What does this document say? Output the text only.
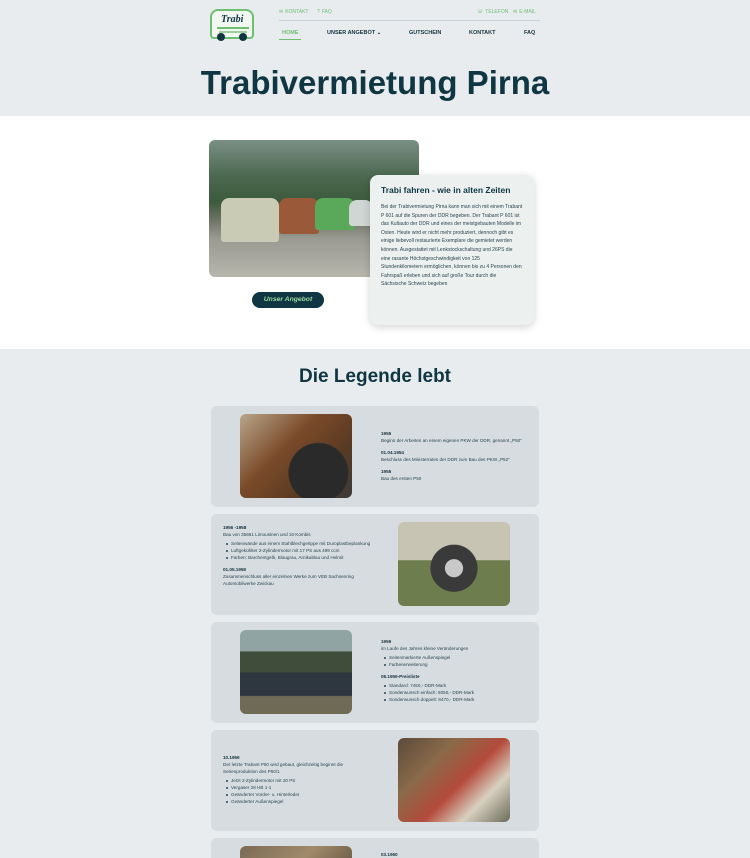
Trabi
✉ KONTAKT ? FAQ	☏ TELEFON ✉ E-MAIL
HOME	UNSER ANGEBOT ⌄	GUTSCHEIN	KONTAKT	FAQ
Trabivermietung Pirna
Trabi fahren - wie in alten Zeiten

Bei der Trabivermietung Pirna kann man sich mit einem Trabant P 601 auf die Spuren der DDR begeben. Der Trabant P 601 ist das Kultauto der DDR und eines der meistgebauten Modelle im Osten. Heute wird er nicht mehr produziert, dennoch gibt es einige liebevoll restaurierte Exemplare die gemietet werden können. Ausgestattet mit Lenkstockschaltung und 26PS die eine rasante Höchstgeschwindigkeit von 125 Stundenkilometern ermöglichen, können bis zu 4 Personen den Fahrspaß erleben und sich auf große Tour durch die Sächsische Schweiz begeben

Unser Angebot
Die Legende lebt
1955
Beginn der Arbeiten an einem eigenen PKW der DDR, genannt „P50“
01.04.1954
Beschluss des Ministerrates der DDR zum Bau des PKW „P52“
1955
Bau des ersten P50
1956 -1958
Bau von 35661 Limousinen und 10 Kombis
Seitenwände aus einem Stahlblechgerippe mit Duroplastbeplankung
Luftgekühlter 2-Zylindermotor mit 17 PS aus 499 ccm
Farben: Barchentgelb, Blaugrau, Arnikablau und Helmit
01.05.1958
Zusammenschluss aller einzelnen Werke zum VEB Sachsenring Automobilwerke Zwickau
1959
im Laufe des Jahres kleine Veränderungen
Seitenmarkierte Außenspiegel
Farbenerweiterung
08.1959-Preisliste
Standard: 7450,- DDR-Mark
Sonderwunsch einfach: 8050,- DDR-Mark
Sonderwunsch doppelt: 8470,- DDR-Mark
10.1959
Der letzte Trabant P50 wird gebaut, gleichzeitig beginnt die Serienproduktion des P50/1
Jetzt 2-Zylindermotor mit 20 PS
Vergaser 28 HB 1-1
Geänderter Vorder- u. Hinterleder
Geänderter Außenspiegel
03.1960
